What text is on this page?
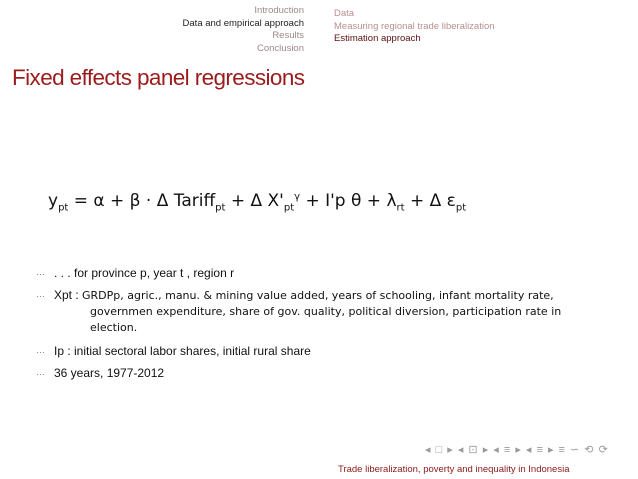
Introduction
Data and empirical approach
Results
Conclusion
Data
Measuring regional trade liberalization
Estimation approach
Fixed effects panel regressions
$y_{pt} = \alpha + \beta \cdot \Delta$ Tariff$_{pt}$ + Δ $X'_{pt}^\gamma + I'p$ $\theta + \lambda_{rt} + \Delta$ $\varepsilon_{pt}$
… . . . for province p, year t , region r
… Xpt : GRDPp, agric., manu. & mining value added, years of schooling, infant mortality rate,
governmen expenditure, share of gov. quality, political diversion, participation rate in
election.
… Ip : initial sectoral labor shares, initial rural share
… 36 years, 1977-2012
◂ □ ▸ ◂ ⊡ ▸ ◂ ≡ ▸ ◂ ≡ ▸ ≡ ∽ ⟲ ⟳
Trade liberalization, poverty and inequality in Indonesia
